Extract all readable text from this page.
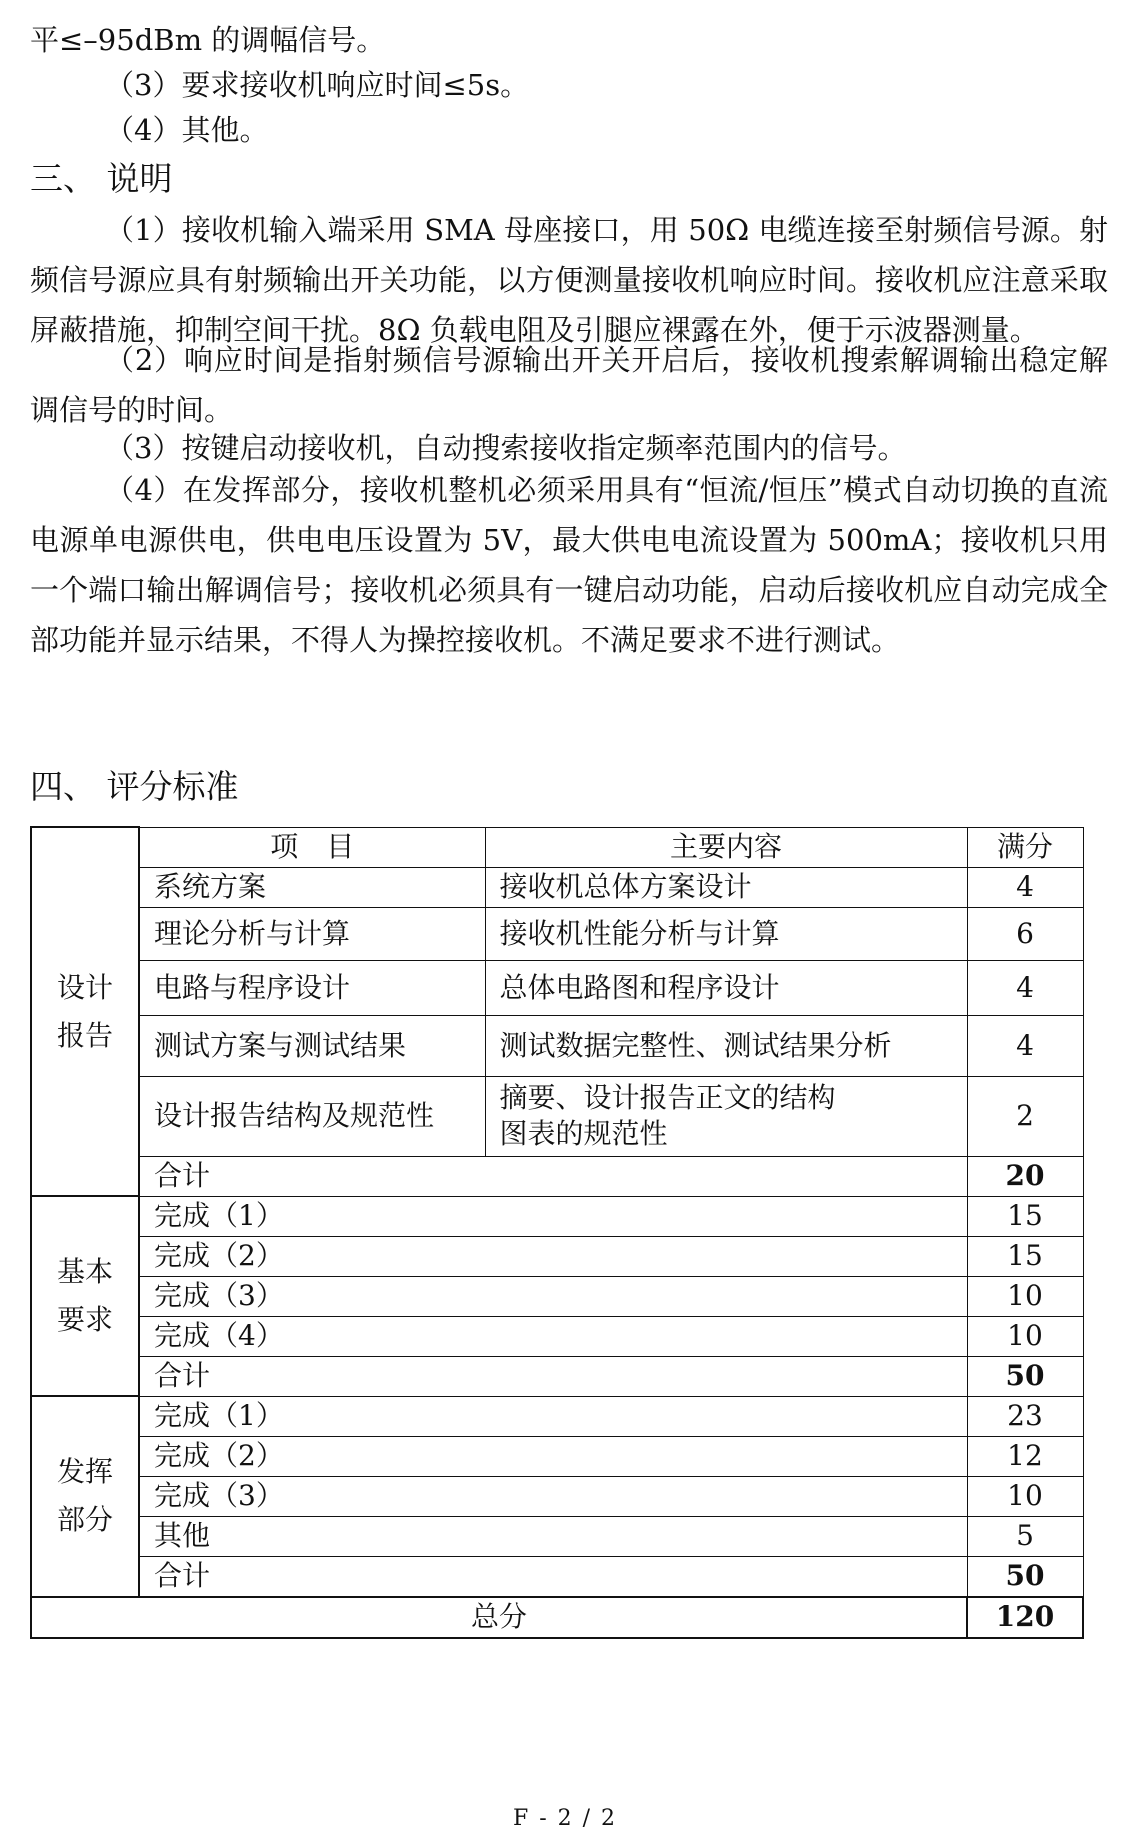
平≤–95dBm 的调幅信号。
（3）要求接收机响应时间≤5s。
（4）其他。
三、 说明
（1）接收机输入端采用 SMA 母座接口，用 50Ω 电缆连接至射频信号源。射频信号源应具有射频输出开关功能，以方便测量接收机响应时间。接收机应注意采取屏蔽措施，抑制空间干扰。8Ω 负载电阻及引腿应裸露在外，便于示波器测量。
（2）响应时间是指射频信号源输出开关开启后，接收机搜索解调输出稳定解调信号的时间。
（3）按键启动接收机，自动搜索接收指定频率范围内的信号。
（4）在发挥部分，接收机整机必须采用具有“恒流/恒压”模式自动切换的直流电源单电源供电，供电电压设置为 5V，最大供电电流设置为 500mA；接收机只用一个端口输出解调信号；接收机必须具有一键启动功能，启动后接收机应自动完成全部功能并显示结果，不得人为操控接收机。不满足要求不进行测试。
四、 评分标准
设计
报告	项　目	主要内容	满分
	系统方案	接收机总体方案设计	4
	理论分析与计算	接收机性能分析与计算	6
	电路与程序设计	总体电路图和程序设计	4
	测试方案与测试结果	测试数据完整性、测试结果分析	4
	设计报告结构及规范性	摘要、设计报告正文的结构
图表的规范性	2
	合计		20

基本
要求	完成（1）		15
	完成（2）		15
	完成（3）		10
	完成（4）		10
	合计		50

发挥
部分	完成（1）		23
	完成（2）		12
	完成（3）		10
	其他		5
	合计		50
总分			120
F - 2 / 2
